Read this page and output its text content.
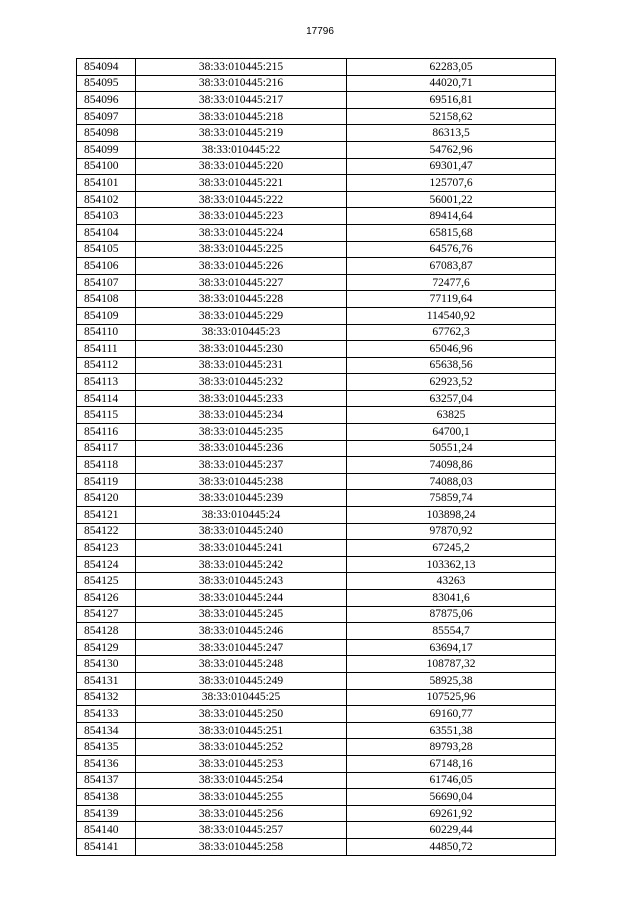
17796
854094	38:33:010445:215	62283,05
854095	38:33:010445:216	44020,71
854096	38:33:010445:217	69516,81
854097	38:33:010445:218	52158,62
854098	38:33:010445:219	86313,5
854099	38:33:010445:22	54762,96
854100	38:33:010445:220	69301,47
854101	38:33:010445:221	125707,6
854102	38:33:010445:222	56001,22
854103	38:33:010445:223	89414,64
854104	38:33:010445:224	65815,68
854105	38:33:010445:225	64576,76
854106	38:33:010445:226	67083,87
854107	38:33:010445:227	72477,6
854108	38:33:010445:228	77119,64
854109	38:33:010445:229	114540,92
854110	38:33:010445:23	67762,3
854111	38:33:010445:230	65046,96
854112	38:33:010445:231	65638,56
854113	38:33:010445:232	62923,52
854114	38:33:010445:233	63257,04
854115	38:33:010445:234	63825
854116	38:33:010445:235	64700,1
854117	38:33:010445:236	50551,24
854118	38:33:010445:237	74098,86
854119	38:33:010445:238	74088,03
854120	38:33:010445:239	75859,74
854121	38:33:010445:24	103898,24
854122	38:33:010445:240	97870,92
854123	38:33:010445:241	67245,2
854124	38:33:010445:242	103362,13
854125	38:33:010445:243	43263
854126	38:33:010445:244	83041,6
854127	38:33:010445:245	87875,06
854128	38:33:010445:246	85554,7
854129	38:33:010445:247	63694,17
854130	38:33:010445:248	108787,32
854131	38:33:010445:249	58925,38
854132	38:33:010445:25	107525,96
854133	38:33:010445:250	69160,77
854134	38:33:010445:251	63551,38
854135	38:33:010445:252	89793,28
854136	38:33:010445:253	67148,16
854137	38:33:010445:254	61746,05
854138	38:33:010445:255	56690,04
854139	38:33:010445:256	69261,92
854140	38:33:010445:257	60229,44
854141	38:33:010445:258	44850,72
